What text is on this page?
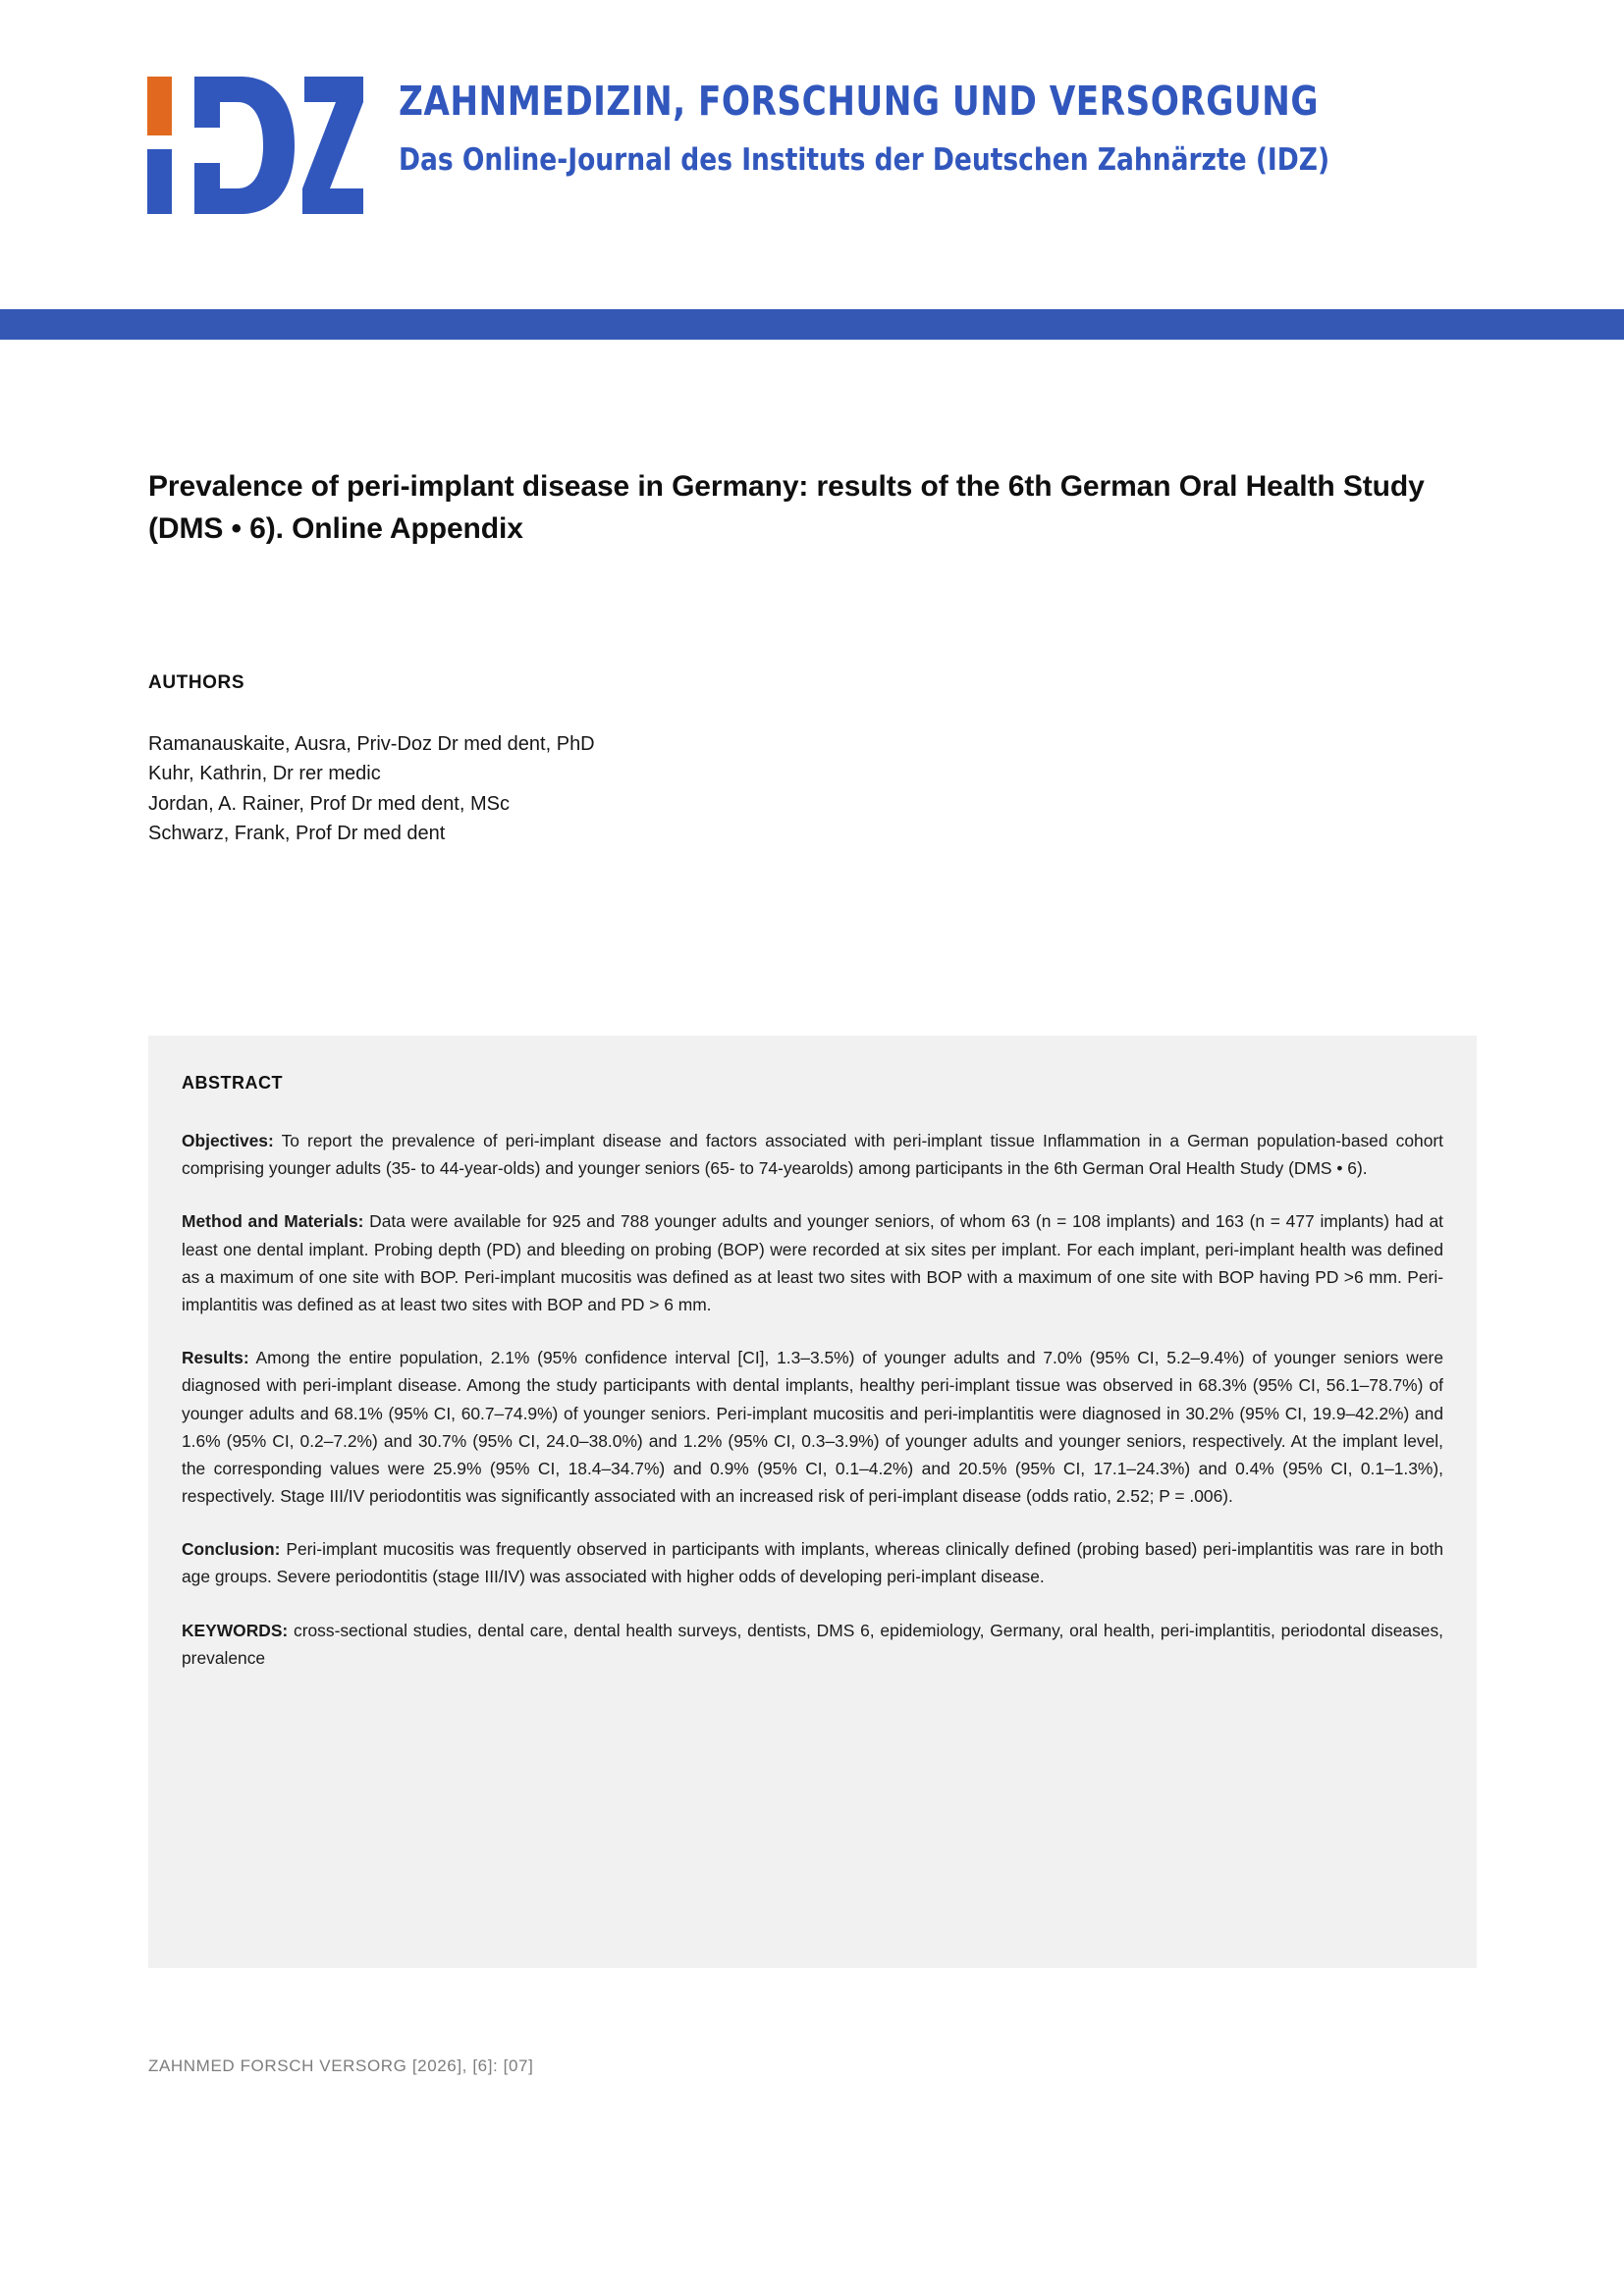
ZAHNMEDIZIN, FORSCHUNG UND VERSORGUNG
Das Online-Journal des Instituts der Deutschen Zahnärzte (IDZ)
Prevalence of peri-implant disease in Germany: results of the 6th German Oral Health Study (DMS • 6). Online Appendix
AUTHORS
Ramanauskaite, Ausra, Priv-Doz Dr med dent, PhD
Kuhr, Kathrin, Dr rer medic
Jordan, A. Rainer, Prof Dr med dent, MSc
Schwarz, Frank, Prof Dr med dent
ABSTRACT

Objectives: To report the prevalence of peri-implant disease and factors associated with peri-implant tissue Inflammation in a German population-based cohort comprising younger adults (35- to 44-year-olds) and younger seniors (65- to 74-yearolds) among participants in the 6th German Oral Health Study (DMS • 6).

Method and Materials: Data were available for 925 and 788 younger adults and younger seniors, of whom 63 (n = 108 implants) and 163 (n = 477 implants) had at least one dental implant. Probing depth (PD) and bleeding on probing (BOP) were recorded at six sites per implant. For each implant, peri-implant health was defined as a maximum of one site with BOP. Peri-implant mucositis was defined as at least two sites with BOP with a maximum of one site with BOP having PD >6 mm. Peri-implantitis was defined as at least two sites with BOP and PD > 6 mm.

Results: Among the entire population, 2.1% (95% confidence interval [CI], 1.3–3.5%) of younger adults and 7.0% (95% CI, 5.2–9.4%) of younger seniors were diagnosed with peri-implant disease. Among the study participants with dental implants, healthy peri-implant tissue was observed in 68.3% (95% CI, 56.1–78.7%) of younger adults and 68.1% (95% CI, 60.7–74.9%) of younger seniors. Peri-implant mucositis and peri-implantitis were diagnosed in 30.2% (95% CI, 19.9–42.2%) and 1.6% (95% CI, 0.2–7.2%) and 30.7% (95% CI, 24.0–38.0%) and 1.2% (95% CI, 0.3–3.9%) of younger adults and younger seniors, respectively. At the implant level, the corresponding values were 25.9% (95% CI, 18.4–34.7%) and 0.9% (95% CI, 0.1–4.2%) and 20.5% (95% CI, 17.1–24.3%) and 0.4% (95% CI, 0.1–1.3%), respectively. Stage III/IV periodontitis was significantly associated with an increased risk of peri-implant disease (odds ratio, 2.52; P = .006).

Conclusion: Peri-implant mucositis was frequently observed in participants with implants, whereas clinically defined (probing based) peri-implantitis was rare in both age groups. Severe periodontitis (stage III/IV) was associated with higher odds of developing peri-implant disease.

KEYWORDS: cross-sectional studies, dental care, dental health surveys, dentists, DMS 6, epidemiology, Germany, oral health, peri-implantitis, periodontal diseases, prevalence

ZAHNMED FORSCH VERSORG [2026], [6]: [07]
